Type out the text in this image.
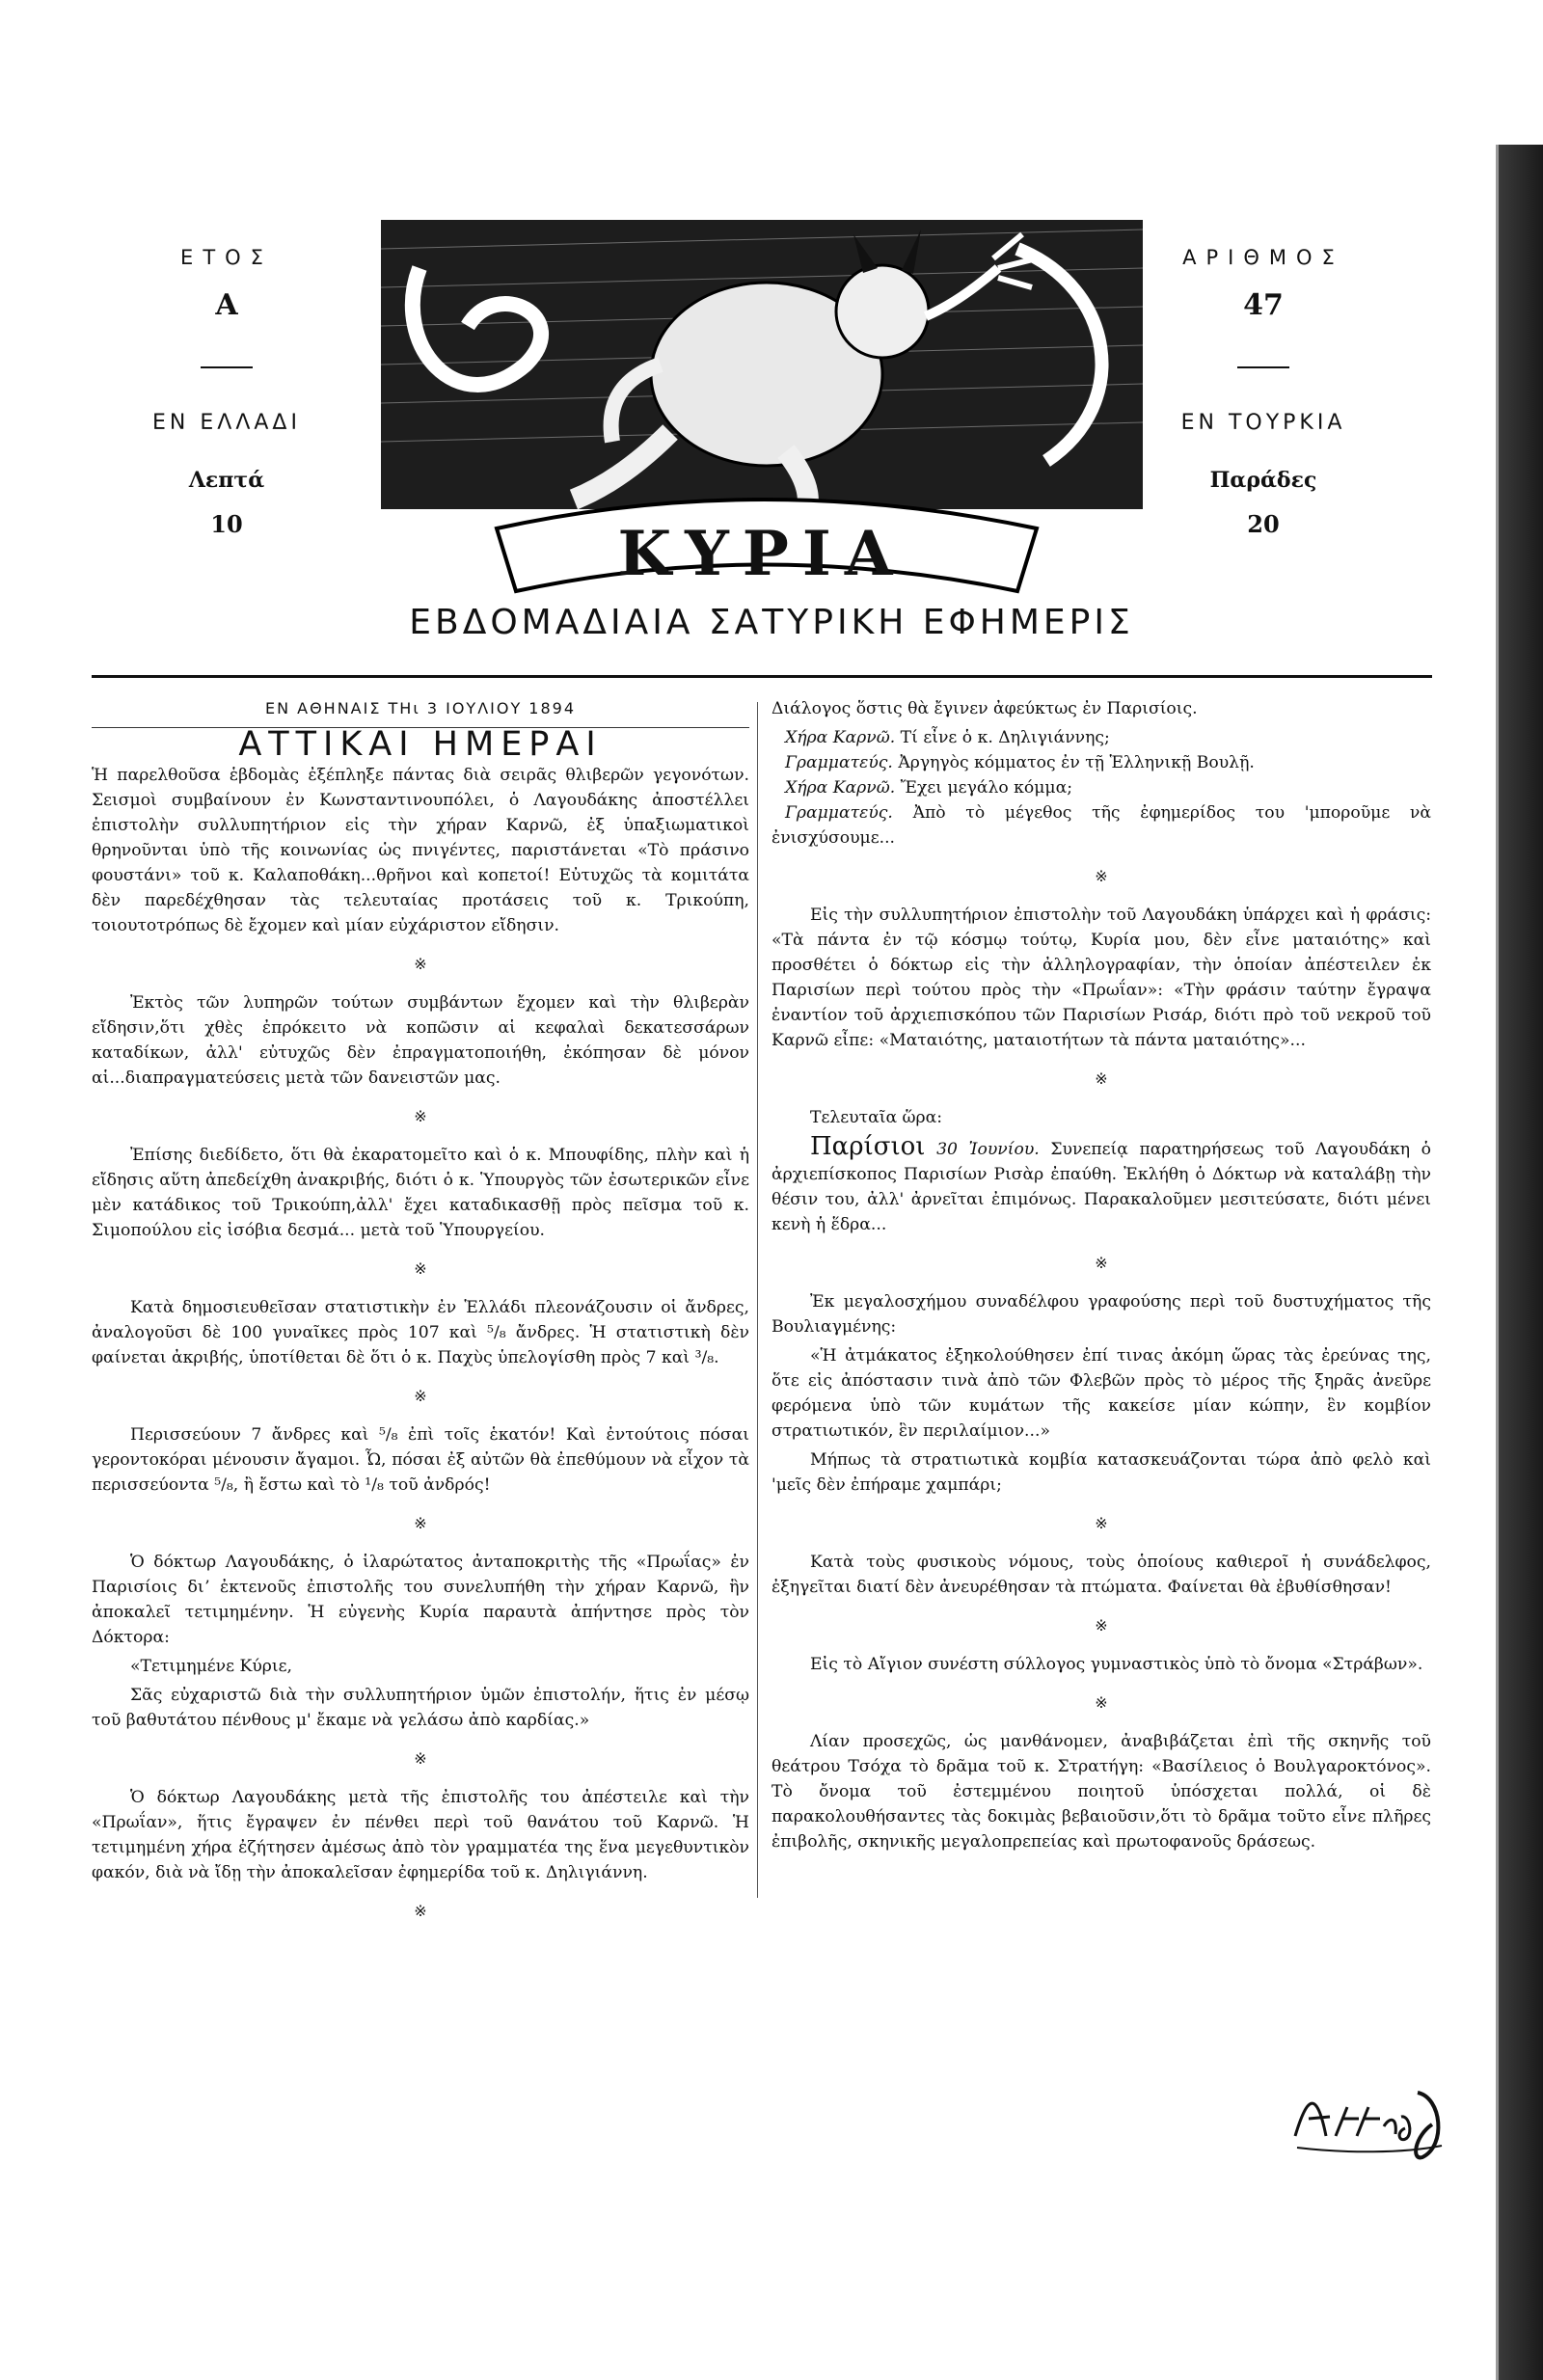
ΕΤΟΣ
Α
ΕΝ ΕΛΛΑΔΙ
Λεπτά
10
ΑΡΙΘΜΟΣ
47
ΕΝ ΤΟΥΡΚΙΑ
Παράδες
20
ΚΥΡΙΑ
ΕΒΔΟΜΑΔΙΑΙΑ ΣΑΤΥΡΙΚΗ ΕΦΗΜΕΡΙΣ
ΕΝ ΑΘΗΝΑΙΣ ΤΗι 3 ΙΟΥΛΙΟΥ 1894
ΑΤΤΙΚΑΙ ΗΜΕΡΑΙ

Ἡ παρελθοῦσα ἑβδομὰς ἐξέπληξε πάντας διὰ σειρᾶς θλιβερῶν γεγονότων. Σεισμοὶ συμβαίνουν ἐν Κωνσταντινουπόλει, ὁ Λαγουδάκης ἀποστέλλει ἐπιστολὴν συλλυπητήριον εἰς τὴν χήραν Καρνῶ, ἐξ ὑπαξιωματικοὶ θρηνοῦνται ὑπὸ τῆς κοινωνίας ὡς πνιγέντες, παριστάνεται «Τὸ πράσινο φουστάνι» τοῦ κ. Καλαποθάκη...θρῆνοι καὶ κοπετοί! Εὐτυχῶς τὰ κομιτάτα δὲν παρεδέχθησαν τὰς τελευταίας προτάσεις τοῦ κ. Τρικούπη, τοιουτοτρόπως δὲ ἔχομεν καὶ μίαν εὐχάριστον εἴδησιν.

※

Ἐκτὸς τῶν λυπηρῶν τούτων συμβάντων ἔχομεν καὶ τὴν θλιβερὰν εἴδησιν,ὅτι χθὲς ἐπρόκειτο νὰ κοπῶσιν αἱ κεφαλαὶ δεκατεσσάρων καταδίκων, ἀλλ' εὐτυχῶς δὲν ἐπραγματοποιήθη, ἐκόπησαν δὲ μόνον αἱ...διαπραγματεύσεις μετὰ τῶν δανειστῶν μας.

※

Ἐπίσης διεδίδετο, ὅτι θὰ ἐκαρατομεῖτο καὶ ὁ κ. Μπουφίδης, πλὴν καὶ ἡ εἴδησις αὕτη ἀπεδείχθη ἀνακριβής, διότι ὁ κ. Ὑπουργὸς τῶν ἐσωτερικῶν εἶνε μὲν κατάδικος τοῦ Τρικούπη,ἀλλ' ἔχει καταδικασθῇ πρὸς πεῖσμα τοῦ κ. Σιμοπούλου εἰς ἰσόβια δεσμά... μετὰ τοῦ Ὑπουργείου.

※

Κατὰ δημοσιευθεῖσαν στατιστικὴν ἐν Ἑλλάδι πλεονάζουσιν οἱ ἄνδρες, ἀναλογοῦσι δὲ 100 γυναῖκες πρὸς 107 καὶ ⁵/₈ ἄνδρες. Ἡ στατιστικὴ δὲν φαίνεται ἀκριβής, ὑποτίθεται δὲ ὅτι ὁ κ. Παχὺς ὑπελογίσθη πρὸς 7 καὶ ³/₈.

※

Περισσεύουν 7 ἄνδρες καὶ ⁵/₈ ἐπὶ τοῖς ἑκατόν! Καὶ ἐντούτοις πόσαι γεροντοκόραι μένουσιν ἄγαμοι. Ὦ, πόσαι ἐξ αὐτῶν θὰ ἐπεθύμουν νὰ εἶχον τὰ περισσεύοντα ⁵/₈, ἢ ἔστω καὶ τὸ ¹/₈ τοῦ ἀνδρός!

※

Ὁ δόκτωρ Λαγουδάκης, ὁ ἱλαρώτατος ἀνταποκριτὴς τῆς «Πρωΐας» ἐν Παρισίοις διʼ ἐκτενοῦς ἐπιστολῆς του συνελυπήθη τὴν χήραν Καρνῶ, ἣν ἀποκαλεῖ τετιμημένην. Ἡ εὐγενὴς Κυρία παραυτὰ ἀπήντησε πρὸς τὸν Δόκτορα:

«Τετιμημένε Κύριε,

Σᾶς εὐχαριστῶ διὰ τὴν συλλυπητήριον ὑμῶν ἐπιστολήν, ἥτις ἐν μέσῳ τοῦ βαθυτάτου πένθους μ' ἔκαμε νὰ γελάσω ἀπὸ καρδίας.»

※

Ὁ δόκτωρ Λαγουδάκης μετὰ τῆς ἐπιστολῆς του ἀπέστειλε καὶ τὴν «Πρωΐαν», ἥτις ἔγραψεν ἐν πένθει περὶ τοῦ θανάτου τοῦ Καρνῶ. Ἡ τετιμημένη χήρα ἐζήτησεν ἀμέσως ἀπὸ τὸν γραμματέα της ἕνα μεγεθυντικὸν φακόν, διὰ νὰ ἴδῃ τὴν ἀποκαλεῖσαν ἐφημερίδα τοῦ κ. Δηλιγιάννη.

※

Διάλογος ὅστις θὰ ἔγινεν ἀφεύκτως ἐν Παρισίοις.

Χήρα Καρνῶ. Τί εἶνε ὁ κ. Δηλιγιάννης;

Γραμματεύς. Ἀργηγὸς κόμματος ἐν τῇ Ἑλληνικῇ Βουλῇ.

Χήρα Καρνῶ. Ἔχει μεγάλο κόμμα;

Γραμματεύς. Ἀπὸ τὸ μέγεθος τῆς ἐφημερίδος του 'μποροῦμε νὰ ἐνισχύσουμε...

※

Εἰς τὴν συλλυπητήριον ἐπιστολὴν τοῦ Λαγουδάκη ὑπάρχει καὶ ἡ φράσις: «Τὰ πάντα ἐν τῷ κόσμῳ τούτῳ, Κυρία μου, δὲν εἶνε ματαιότης» καὶ προσθέτει ὁ δόκτωρ εἰς τὴν ἀλληλογραφίαν, τὴν ὁποίαν ἀπέστειλεν ἐκ Παρισίων περὶ τούτου πρὸς τὴν «Πρωΐαν»: «Τὴν φράσιν ταύτην ἔγραψα ἐναντίον τοῦ ἀρχιεπισκόπου τῶν Παρισίων Ρισάρ, διότι πρὸ τοῦ νεκροῦ τοῦ Καρνῶ εἶπε: «Ματαιότης, ματαιοτήτων τὰ πάντα ματαιότης»...

※

Τελευταῖα ὥρα:

Παρίσιοι 30 Ἰουνίου. Συνεπείᾳ παρατηρήσεως τοῦ Λαγουδάκη ὁ ἀρχιεπίσκοπος Παρισίων Ρισὰρ ἐπαύθη. Ἐκλήθη ὁ Δόκτωρ νὰ καταλάβῃ τὴν θέσιν του, ἀλλ' ἀρνεῖται ἐπιμόνως. Παρακαλοῦμεν μεσιτεύσατε, διότι μένει κενὴ ἡ ἕδρα...

※

Ἐκ μεγαλοσχήμου συναδέλφου γραφούσης περὶ τοῦ δυστυχήματος τῆς Βουλιαγμένης:

«Ἡ ἀτμάκατος ἐξηκολούθησεν ἐπί τινας ἀκόμη ὥρας τὰς ἐρεύνας της, ὅτε εἰς ἀπόστασιν τινὰ ἀπὸ τῶν Φλεβῶν πρὸς τὸ μέρος τῆς ξηρᾶς ἀνεῦρε φερόμενα ὑπὸ τῶν κυμάτων τῆς κακείσε μίαν κώπην, ἓν κομβίον στρατιωτικόν, ἓν περιλαίμιον...»

Μήπως τὰ στρατιωτικὰ κομβία κατασκευάζονται τώρα ἀπὸ φελὸ καὶ 'μεῖς δὲν ἐπήραμε χαμπάρι;

※

Κατὰ τοὺς φυσικοὺς νόμους, τοὺς ὁποίους καθιεροῖ ἡ συνάδελφος, ἐξηγεῖται διατί δὲν ἀνευρέθησαν τὰ πτώματα. Φαίνεται θὰ ἐβυθίσθησαν!

※

Εἰς τὸ Αἴγιον συνέστη σύλλογος γυμναστικὸς ὑπὸ τὸ ὄνομα «Στράβων».

※

Λίαν προσεχῶς, ὡς μανθάνομεν, ἀναβιβάζεται ἐπὶ τῆς σκηνῆς τοῦ θεάτρου Τσόχα τὸ δρᾶμα τοῦ κ. Στρατήγη: «Βασίλειος ὁ Βουλγαροκτόνος». Τὸ ὄνομα τοῦ ἐστεμμένου ποιητοῦ ὑπόσχεται πολλά, οἱ δὲ παρακολουθήσαντες τὰς δοκιμὰς βεβαιοῦσιν,ὅτι τὸ δρᾶμα τοῦτο εἶνε πλῆρες ἐπιβολῆς, σκηνικῆς μεγαλοπρεπείας καὶ πρωτοφανοῦς δράσεως.
